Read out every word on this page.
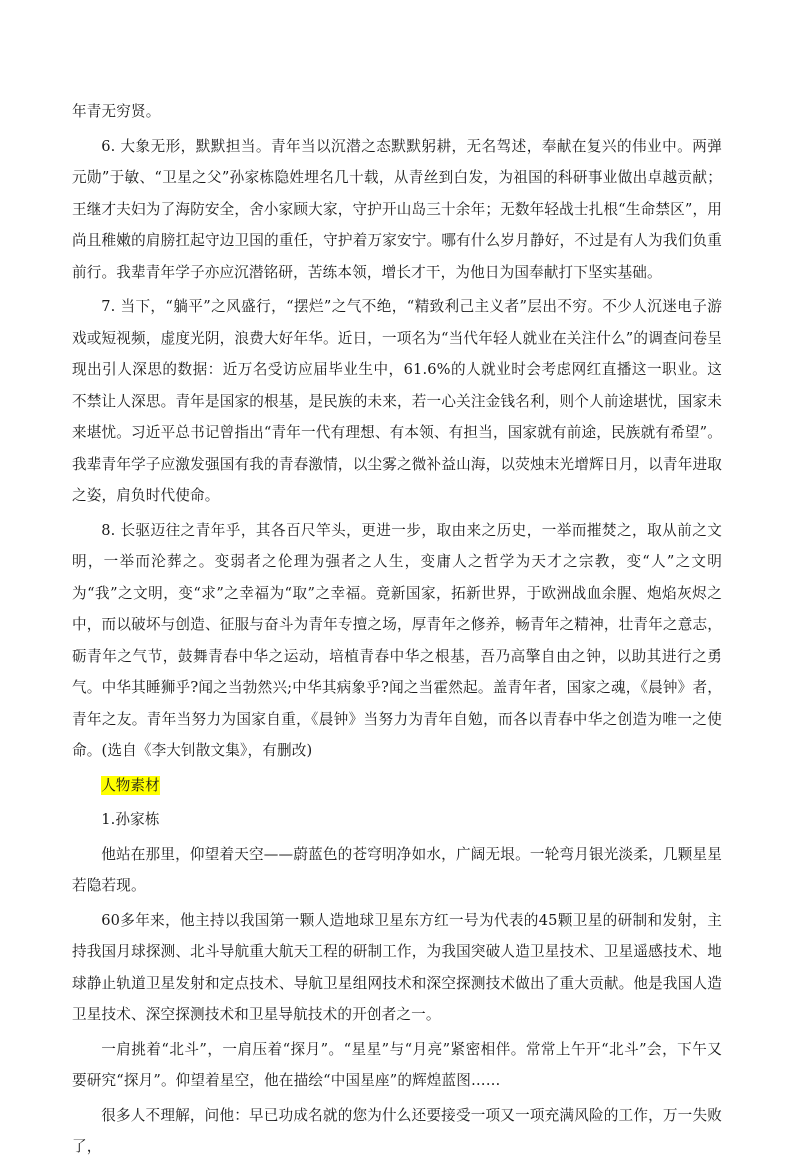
年青无穷贤。

6. 大象无形，默默担当。青年当以沉潜之态默默躬耕，无名驾述，奉献在复兴的伟业中。两弹元勋”于敏、“卫星之父”孙家栋隐姓埋名几十载，从青丝到白发，为祖国的科研事业做出卓越贡献；王继才夫妇为了海防安全，舍小家顾大家，守护开山岛三十余年；无数年轻战士扎根“生命禁区”，用尚且稚嫩的肩膀扛起守边卫国的重任，守护着万家安宁。哪有什么岁月静好，不过是有人为我们负重前行。我辈青年学子亦应沉潜铭研，苦练本领，增长才干，为他日为国奉献打下坚实基础。

7. 当下，“躺平”之风盛行，“摆烂”之气不绝，“精致利己主义者”层出不穷。不少人沉迷电子游戏或短视频，虚度光阴，浪费大好年华。近日，一项名为“当代年轻人就业在关注什么”的调查问卷呈现出引人深思的数据：近万名受访应届毕业生中，61.6%的人就业时会考虑网红直播这一职业。这不禁让人深思。青年是国家的根基，是民族的未来，若一心关注金钱名利，则个人前途堪忧，国家未来堪忧。习近平总书记曾指出“青年一代有理想、有本领、有担当，国家就有前途，民族就有希望”。我辈青年学子应激发强国有我的青春激情，以尘雾之微补益山海，以荧烛末光增辉日月，以青年进取之姿，肩负时代使命。

8. 长驱迈往之青年乎，其各百尺竿头，更进一步，取由来之历史，一举而摧焚之，取从前之文明，一举而沦葬之。变弱者之伦理为强者之人生，变庸人之哲学为天才之宗教，变“人”之文明为“我”之文明，变“求”之幸福为“取”之幸福。竟新国家，拓新世界，于欧洲战血余腥、炮焰灰烬之中，而以破坏与创造、征服与奋斗为青年专擅之场，厚青年之修养，畅青年之精神，壮青年之意志，砺青年之气节，鼓舞青春中华之运动，培植青春中华之根基，吾乃高擎自由之钟，以助其进行之勇气。中华其睡狮乎?闻之当勃然兴;中华其病象乎?闻之当霍然起。盖青年者，国家之魂，《晨钟》者，青年之友。青年当努力为国家自重，《晨钟》当努力为青年自勉，而各以青春中华之创造为唯一之使命。(选自《李大钊散文集》，有删改)

人物素材

1.孙家栋

他站在那里，仰望着天空——蔚蓝色的苍穹明净如水，广阔无垠。一轮弯月银光淡柔，几颗星星若隐若现。

60多年来，他主持以我国第一颗人造地球卫星东方红一号为代表的45颗卫星的研制和发射，主持我国月球探测、北斗导航重大航天工程的研制工作，为我国突破人造卫星技术、卫星遥感技术、地球静止轨道卫星发射和定点技术、导航卫星组网技术和深空探测技术做出了重大贡献。他是我国人造卫星技术、深空探测技术和卫星导航技术的开创者之一。

一肩挑着“北斗”，一肩压着“探月”。“星星”与“月亮”紧密相伴。常常上午开“北斗”会，下午又要研究“探月”。仰望着星空，他在描绘“中国星座”的辉煌蓝图……

很多人不理解，问他：早已功成名就的您为什么还要接受一项又一项充满风险的工作，万一失败了，
